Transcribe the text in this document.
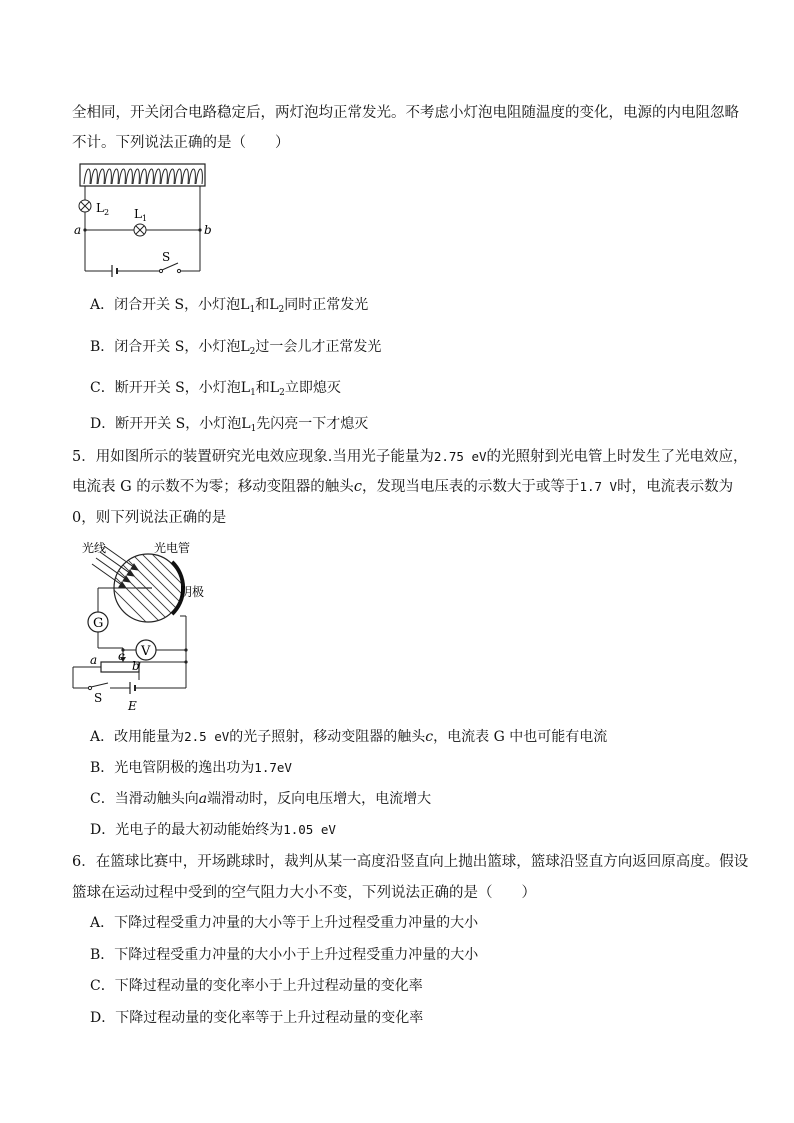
全相同，开关闭合电路稳定后，两灯泡均正常发光。不考虑小灯泡电阻随温度的变化，电源的内电阻忽略
不计。下列说法正确的是（　　）
$L_2$ $L_1$
a	b
S
A．闭合开关 S，小灯泡$L_1$和$L_2$同时正常发光
B．闭合开关 S，小灯泡$L_2$过一会儿才正常发光
C．断开开关 S，小灯泡$L_1$和$L_2$立即熄灭
D．断开开关 S，小灯泡$L_1$先闪亮一下才熄灭
5．用如图所示的装置研究光电效应现象.当用光子能量为2.75 eV的光照射到光电管上时发生了光电效应，
电流表 G 的示数不为零；移动变阻器的触头c，发现当电压表的示数大于或等于1.7 V时，电流表示数为
0，则下列说法正确的是
G
V
光线	光电管
阴极
a c
b
S
E
A．改用能量为2.5 eV的光子照射，移动变阻器的触头c，电流表 G 中也可能有电流
B．光电管阴极的逸出功为1.7eV
C．当滑动触头向a端滑动时，反向电压增大，电流增大
D．光电子的最大初动能始终为1.05 eV
6．在篮球比赛中，开场跳球时，裁判从某一高度沿竖直向上抛出篮球，篮球沿竖直方向返回原高度。假设
篮球在运动过程中受到的空气阻力大小不变，下列说法正确的是（　　）
A．下降过程受重力冲量的大小等于上升过程受重力冲量的大小
B．下降过程受重力冲量的大小小于上升过程受重力冲量的大小
C．下降过程动量的变化率小于上升过程动量的变化率
D．下降过程动量的变化率等于上升过程动量的变化率
